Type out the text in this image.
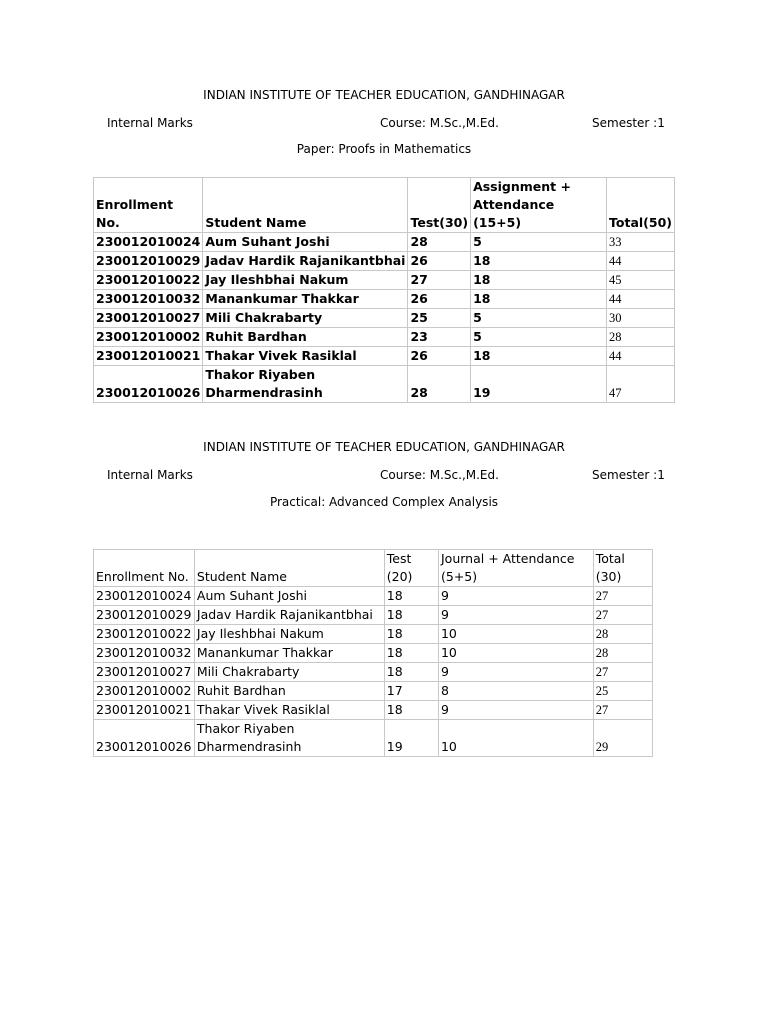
INDIAN INSTITUTE OF TEACHER EDUCATION, GANDHINAGAR
Internal Marks	Course: M.Sc.,M.Ed.	Semester :1
Paper: Proofs in Mathematics
Enrollment No.	Student Name	Test(30)	Assignment + Attendance (15+5)	Total(50)
230012010024	Aum Suhant Joshi	28	5	33
230012010029	Jadav Hardik Rajanikantbhai	26	18	44
230012010022	Jay Ileshbhai Nakum	27	18	45
230012010032	Manankumar Thakkar	26	18	44
230012010027	Mili Chakrabarty	25	5	30
230012010002	Ruhit Bardhan	23	5	28
230012010021	Thakar Vivek Rasiklal	26	18	44
230012010026	Thakor Riyaben Dharmendrasinh	28	19	47
INDIAN INSTITUTE OF TEACHER EDUCATION, GANDHINAGAR
Internal Marks	Course: M.Sc.,M.Ed.	Semester :1
Practical: Advanced Complex Analysis
Enrollment No.	Student Name	Test (20)	Journal + Attendance (5+5)	Total (30)
230012010024	Aum Suhant Joshi	18	9	27
230012010029	Jadav Hardik Rajanikantbhai	18	9	27
230012010022	Jay Ileshbhai Nakum	18	10	28
230012010032	Manankumar Thakkar	18	10	28
230012010027	Mili Chakrabarty	18	9	27
230012010002	Ruhit Bardhan	17	8	25
230012010021	Thakar Vivek Rasiklal	18	9	27
230012010026	Thakor Riyaben Dharmendrasinh	19	10	29
